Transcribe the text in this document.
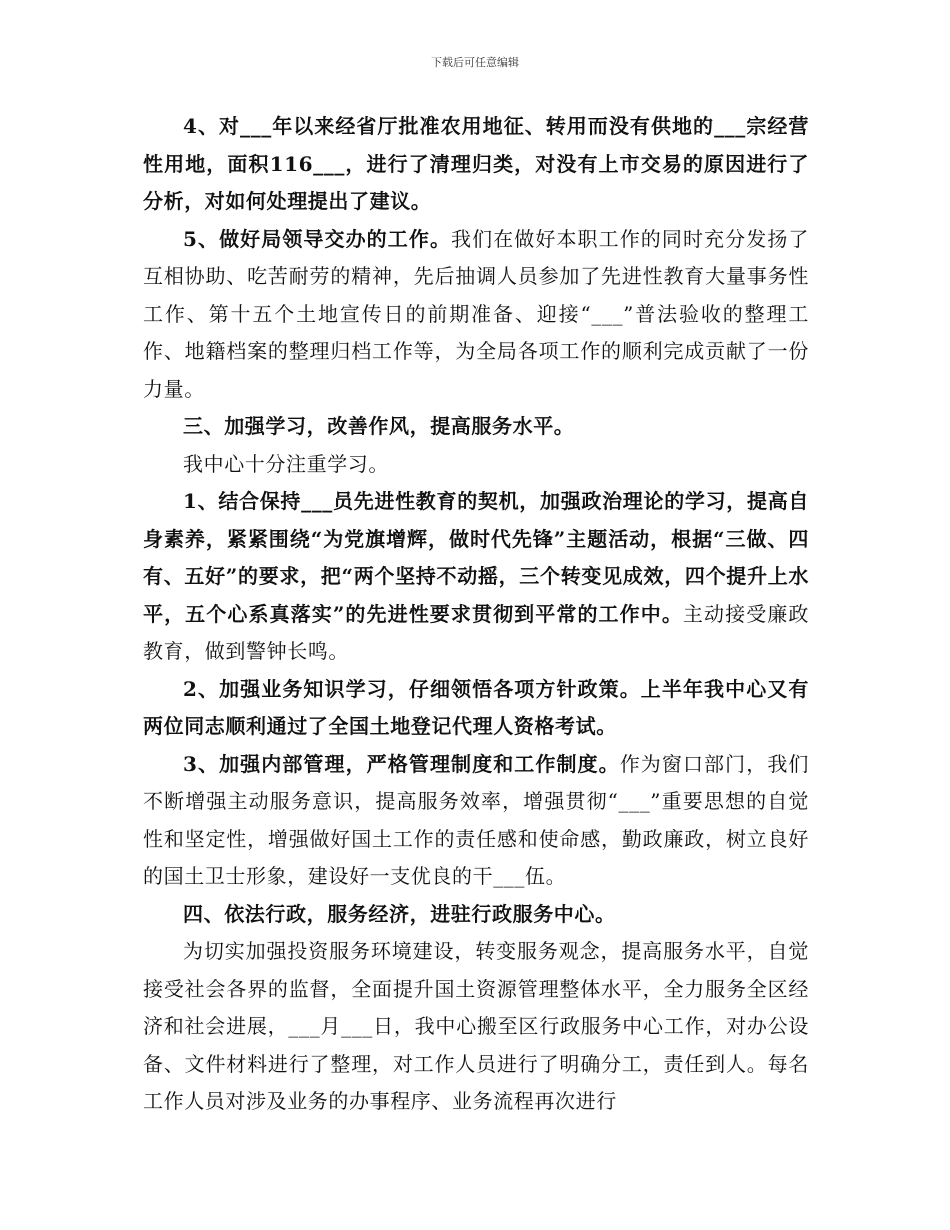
下载后可任意编辑

4、对___年以来经省厅批准农用地征、转用而没有供地的___宗经营性用地，面积116___，进行了清理归类，对没有上市交易的原因进行了分析，对如何处理提出了建议。

5、做好局领导交办的工作。我们在做好本职工作的同时充分发扬了互相协助、吃苦耐劳的精神，先后抽调人员参加了先进性教育大量事务性工作、第十五个土地宣传日的前期准备、迎接“___”普法验收的整理工作、地籍档案的整理归档工作等，为全局各项工作的顺利完成贡献了一份力量。

三、加强学习，改善作风，提高服务水平。

我中心十分注重学习。

1、结合保持___员先进性教育的契机，加强政治理论的学习，提高自身素养，紧紧围绕“为党旗增辉，做时代先锋”主题活动，根据“三做、四有、五好”的要求，把“两个坚持不动摇，三个转变见成效，四个提升上水平，五个心系真落实”的先进性要求贯彻到平常的工作中。主动接受廉政教育，做到警钟长鸣。

2、加强业务知识学习，仔细领悟各项方针政策。上半年我中心又有两位同志顺利通过了全国土地登记代理人资格考试。

3、加强内部管理，严格管理制度和工作制度。作为窗口部门，我们不断增强主动服务意识，提高服务效率，增强贯彻“___”重要思想的自觉性和坚定性，增强做好国土工作的责任感和使命感，勤政廉政，树立良好的国土卫士形象，建设好一支优良的干___伍。

四、依法行政，服务经济，进驻行政服务中心。

为切实加强投资服务环境建设，转变服务观念，提高服务水平，自觉接受社会各界的监督，全面提升国土资源管理整体水平，全力服务全区经济和社会进展，___月___日，我中心搬至区行政服务中心工作，对办公设备、文件材料进行了整理，对工作人员进行了明确分工，责任到人。每名工作人员对涉及业务的办事程序、业务流程再次进行
